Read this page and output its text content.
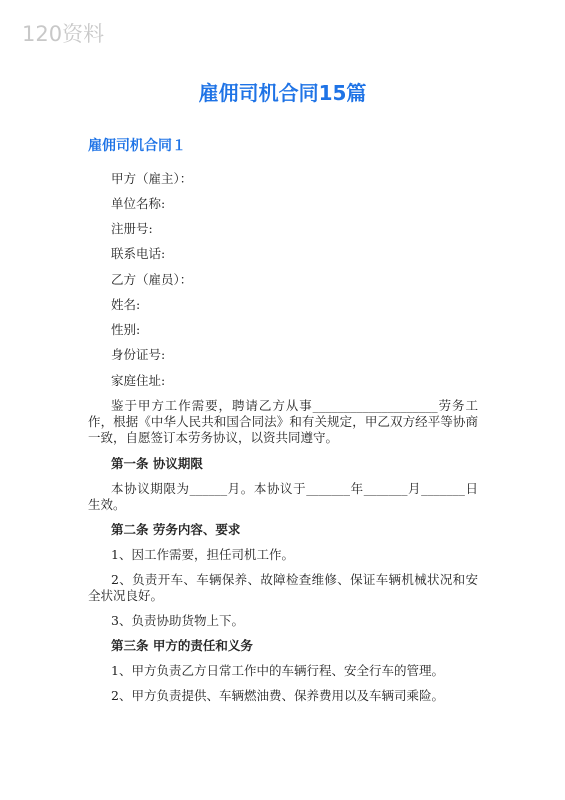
120资料
雇佣司机合同15篇
雇佣司机合同１

甲方（雇主）：

单位名称:

注册号:

联系电话:

乙方（雇员）：

姓名:

性别:

身份证号:

家庭住址:

鉴于甲方工作需要，聘请乙方从事____________________劳务工作，根据《中华人民共和国合同法》和有关规定，甲乙双方经平等协商一致，自愿签订本劳务协议，以资共同遵守。

第一条 协议期限

本协议期限为______月。本协议于_______年_______月_______日生效。

第二条 劳务内容、要求

1、因工作需要，担任司机工作。

2、负责开车、车辆保养、故障检查维修、保证车辆机械状况和安全状况良好。

3、负责协助货物上下。

第三条 甲方的责任和义务

1、甲方负责乙方日常工作中的车辆行程、安全行车的管理。

2、甲方负责提供、车辆燃油费、保养费用以及车辆司乘险。
